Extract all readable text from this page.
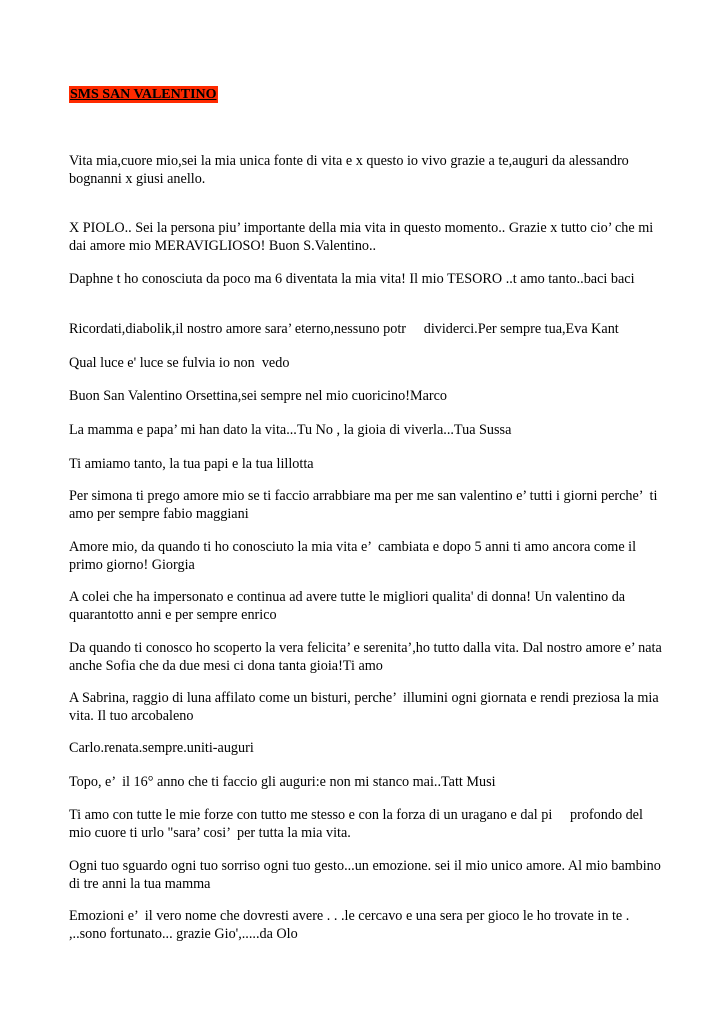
SMS SAN VALENTINO

Vita mia,cuore mio,sei la mia unica fonte di vita e x questo io vivo grazie a te,auguri da alessandro bognanni x giusi anello.

X PIOLO.. Sei la persona piu’ importante della mia vita in questo momento.. Grazie x tutto cio’ che mi dai amore mio MERAVIGLIOSO! Buon S.Valentino..

Daphne t ho conosciuta da poco ma 6 diventata la mia vita! Il mio TESORO ..t amo tanto..baci baci

Ricordati,diabolik,il nostro amore sara’ eterno,nessuno potr     dividerci.Per sempre tua,Eva Kant

Qual luce e' luce se fulvia io non  vedo

Buon San Valentino Orsettina,sei sempre nel mio cuoricino!Marco

La mamma e papa’ mi han dato la vita...Tu No , la gioia di viverla...Tua Sussa

Ti amiamo tanto, la tua papi e la tua lillotta

Per simona ti prego amore mio se ti faccio arrabbiare ma per me san valentino e’ tutti i giorni perche’  ti amo per sempre fabio maggiani

Amore mio, da quando ti ho conosciuto la mia vita e’  cambiata e dopo 5 anni ti amo ancora come il primo giorno! Giorgia

A colei che ha impersonato e continua ad avere tutte le migliori qualita' di donna! Un valentino da quarantotto anni e per sempre enrico

Da quando ti conosco ho scoperto la vera felicita’ e serenita’,ho tutto dalla vita. Dal nostro amore e’ nata anche Sofia che da due mesi ci dona tanta gioia!Ti amo

A Sabrina, raggio di luna affilato come un bisturi, perche’  illumini ogni giornata e rendi preziosa la mia vita. Il tuo arcobaleno

Carlo.renata.sempre.uniti-auguri

Topo, e’  il 16° anno che ti faccio gli auguri:e non mi stanco mai..Tatt Musi

Ti amo con tutte le mie forze con tutto me stesso e con la forza di un uragano e dal pi     profondo del mio cuore ti urlo "sara’ cosi’  per tutta la mia vita.

Ogni tuo sguardo ogni tuo sorriso ogni tuo gesto...un emozione. sei il mio unico amore. Al mio bambino di tre anni la tua mamma

Emozioni e’  il vero nome che dovresti avere . . .le cercavo e una sera per gioco le ho trovate in te . ,..sono fortunato... grazie Gio',.....da Olo
